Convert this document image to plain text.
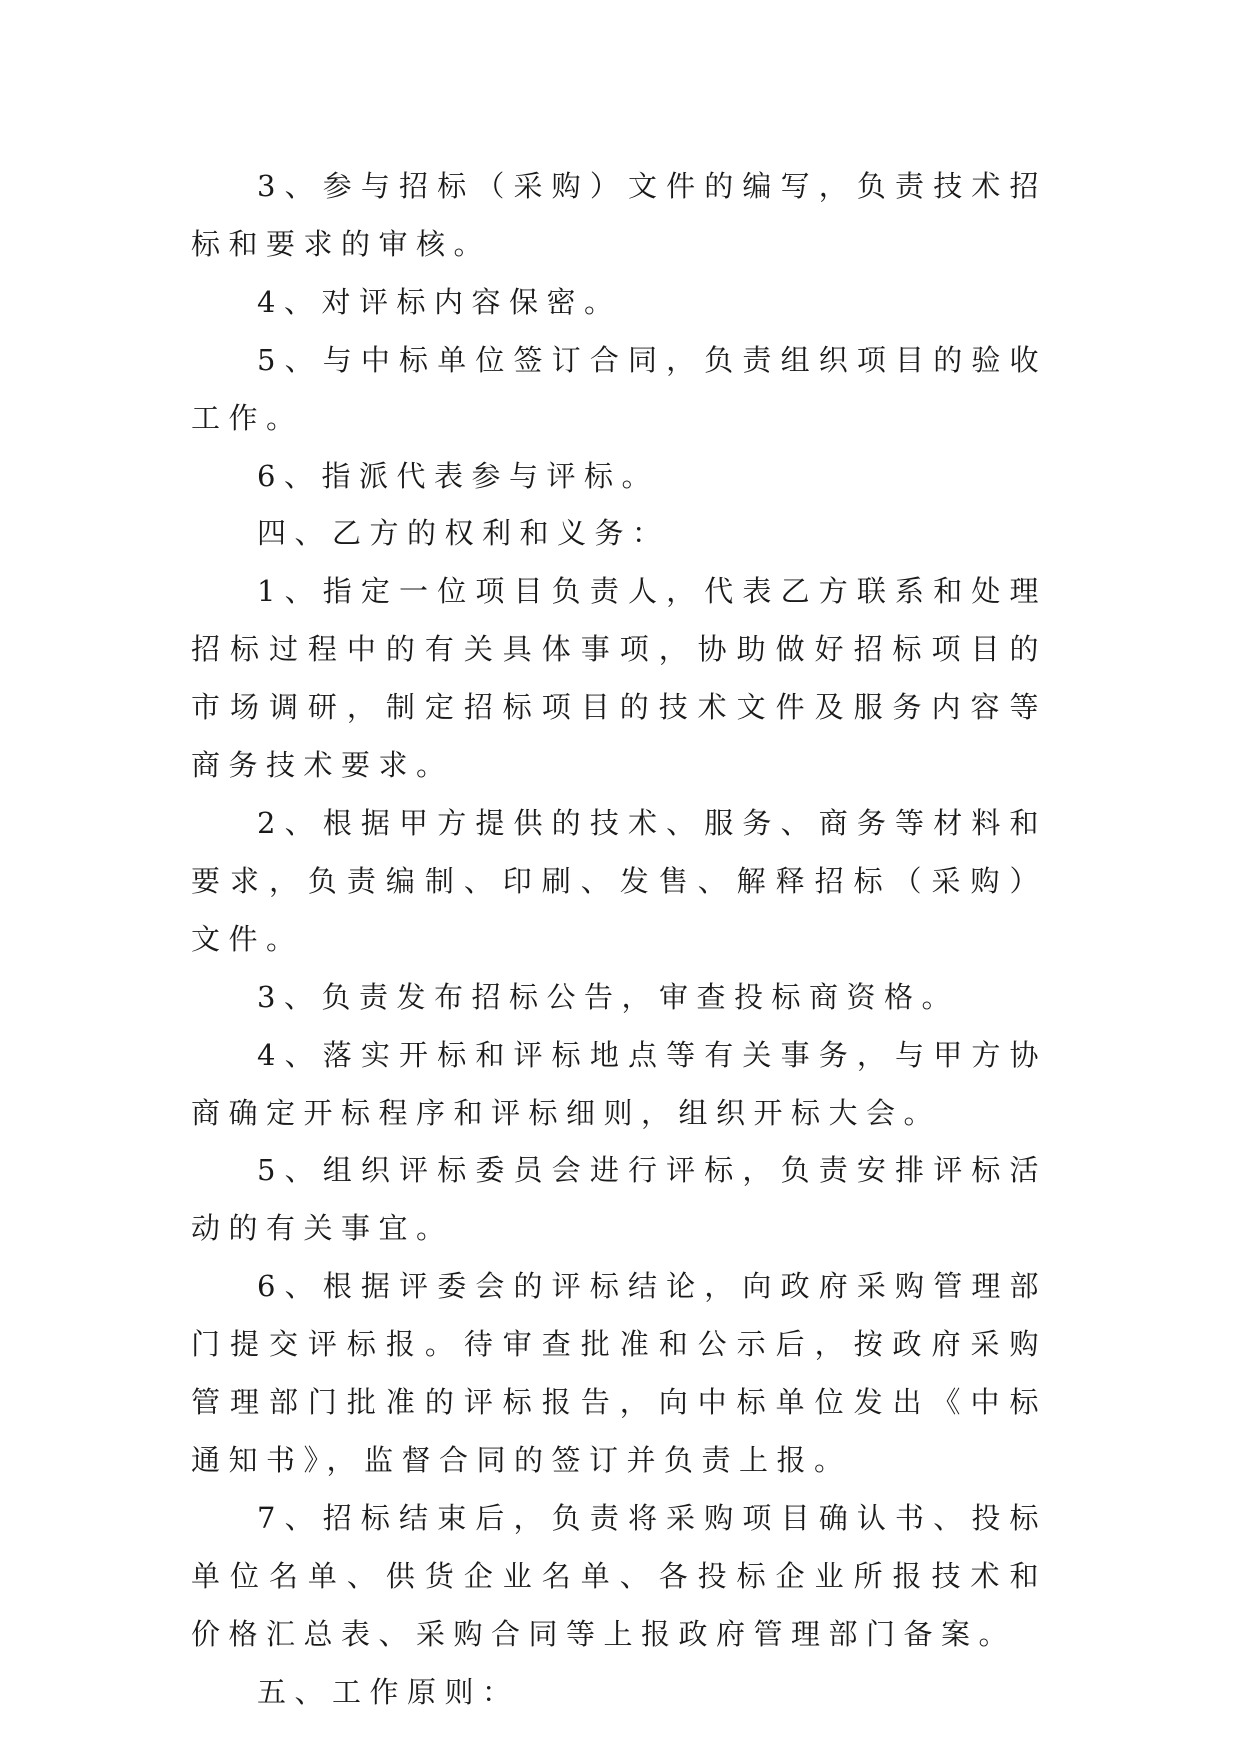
3、参与招标（采购）文件的编写，负责技术招标和要求的审核。

4、对评标内容保密。

5、与中标单位签订合同，负责组织项目的验收工作。

6、指派代表参与评标。

四、乙方的权利和义务：

1、指定一位项目负责人，代表乙方联系和处理招标过程中的有关具体事项，协助做好招标项目的市场调研，制定招标项目的技术文件及服务内容等商务技术要求。

2、根据甲方提供的技术、服务、商务等材料和要求，负责编制、印刷、发售、解释招标（采购）文件。

3、负责发布招标公告，审查投标商资格。

4、落实开标和评标地点等有关事务，与甲方协商确定开标程序和评标细则，组织开标大会。

5、组织评标委员会进行评标，负责安排评标活动的有关事宜。

6、根据评委会的评标结论，向政府采购管理部门提交评标报。待审查批准和公示后，按政府采购管理部门批准的评标报告，向中标单位发出《中标通知书》，监督合同的签订并负责上报。

7、招标结束后，负责将采购项目确认书、投标单位名单、供货企业名单、各投标企业所报技术和价格汇总表、采购合同等上报政府管理部门备案。

五、工作原则：
